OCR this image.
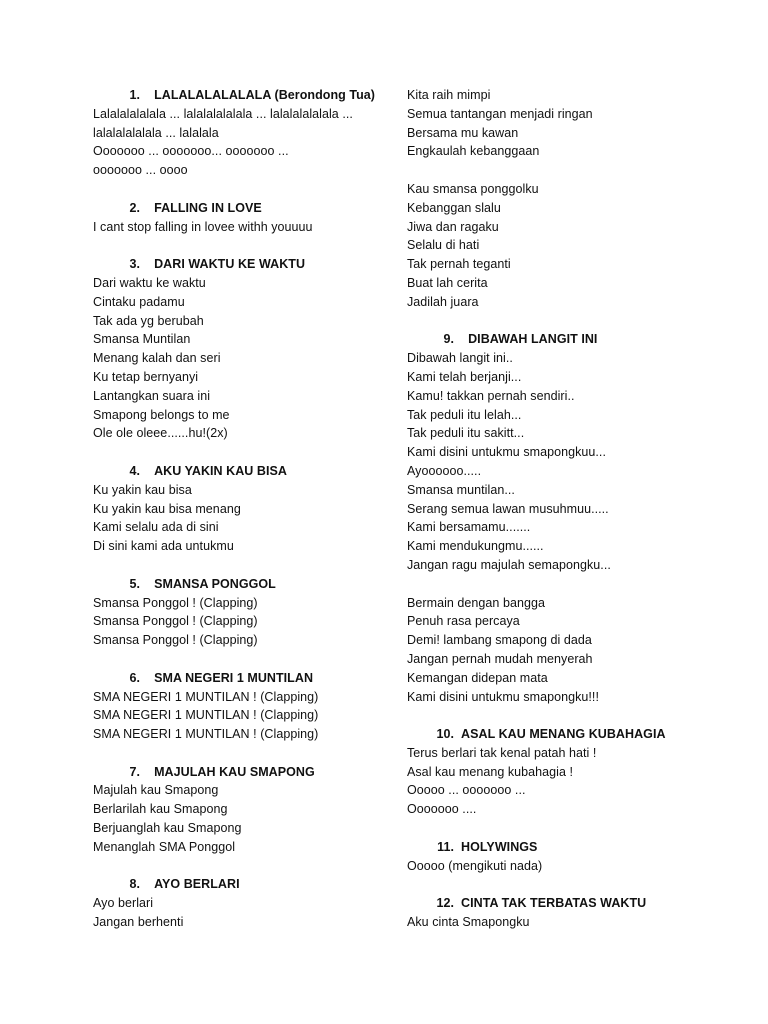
1.	LALALALALALALA (Berondong Tua)
Lalalalalalala ... lalalalalalala ... lalalalalalala ...
lalalalalalala ... lalalala
Ooooooo ... ooooooo... ooooooo ...
ooooooo ... oooo
2.	FALLING IN LOVE
I cant stop falling in lovee withh youuuu
3.	DARI WAKTU KE WAKTU
Dari waktu ke waktu
Cintaku padamu
Tak ada yg berubah
Smansa Muntilan
Menang kalah dan seri
Ku tetap bernyanyi
Lantangkan suara ini
Smapong belongs to me
Ole ole oleee......hu!(2x)
4.	AKU YAKIN KAU BISA
Ku yakin kau bisa
Ku yakin kau bisa menang
Kami selalu ada di sini
Di sini kami ada untukmu
5.	SMANSA PONGGOL
Smansa Ponggol ! (Clapping)
Smansa Ponggol ! (Clapping)
Smansa Ponggol ! (Clapping)
6.	SMA NEGERI 1 MUNTILAN
SMA NEGERI 1 MUNTILAN ! (Clapping)
SMA NEGERI 1 MUNTILAN ! (Clapping)
SMA NEGERI 1 MUNTILAN ! (Clapping)
7.	MAJULAH KAU SMAPONG
Majulah kau Smapong
Berlarilah kau Smapong
Berjuanglah kau Smapong
Menanglah SMA Ponggol
8.	AYO BERLARI
Ayo berlari
Jangan berhenti
Kita raih mimpi
Semua tantangan menjadi ringan
Bersama mu kawan
Engkaulah kebanggaan
Kau smansa ponggolku
Kebanggan slalu
Jiwa dan ragaku
Selalu di hati
Tak pernah teganti
Buat lah cerita
Jadilah juara
9.	DIBAWAH LANGIT INI
Dibawah langit ini..
Kami telah berjanji...
Kamu! takkan pernah sendiri..
Tak peduli itu lelah...
Tak peduli itu sakitt...
Kami disini untukmu smapongkuu...
Ayoooooo.....
Smansa muntilan...
Serang semua lawan musuhmuu.....
Kami bersamamu.......
Kami mendukungmu......
Jangan ragu majulah semapongku...
Bermain dengan bangga
Penuh rasa percaya
Demi! lambang smapong di dada
Jangan pernah mudah menyerah
Kemangan didepan mata
Kami disini untukmu smapongku!!!
10. ASAL KAU MENANG KUBAHAGIA
Terus berlari tak kenal patah hati !
Asal kau menang kubahagia !
Ooooo ... ooooooo ...
Ooooooo ....
11. HOLYWINGS
Ooooo (mengikuti nada)
12. CINTA TAK TERBATAS WAKTU
Aku cinta Smapongku
